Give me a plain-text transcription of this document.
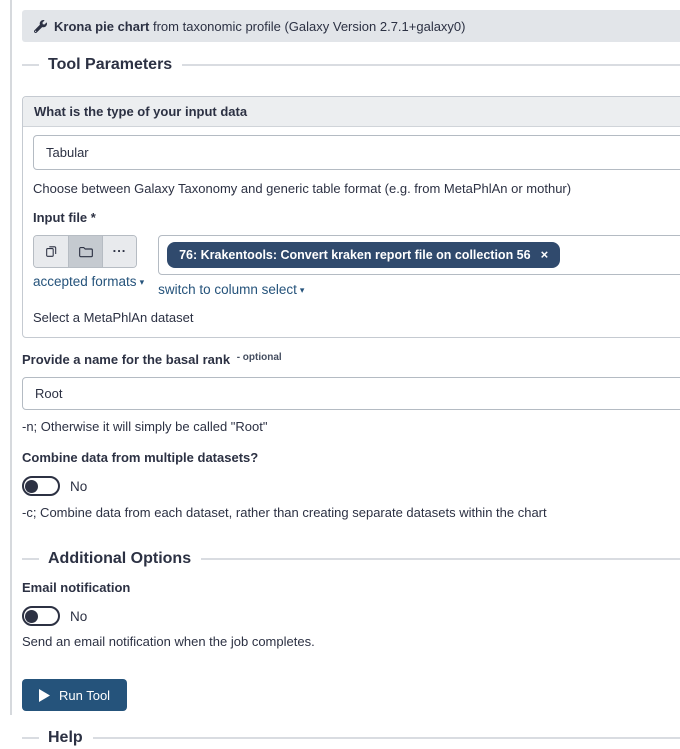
Krona pie chart from taxonomic profile (Galaxy Version 2.7.1+galaxy0)
Tool Parameters
What is the type of your input data
Tabular
Choose between Galaxy Taxonomy and generic table format (e.g. from MetaPhlAn or mothur)
Input file *
...
accepted formats ▾
76: Krakentools: Convert kraken report file on collection 56 ×
switch to column select ▾
Select a MetaPhlAn dataset
Provide a name for the basal rank $^{- optional}$
Root
-n; Otherwise it will simply be called "Root"
Combine data from multiple datasets?
No
-c; Combine data from each dataset, rather than creating separate datasets within the chart
Additional Options
Email notification
No
Send an email notification when the job completes.
Run Tool
Help
